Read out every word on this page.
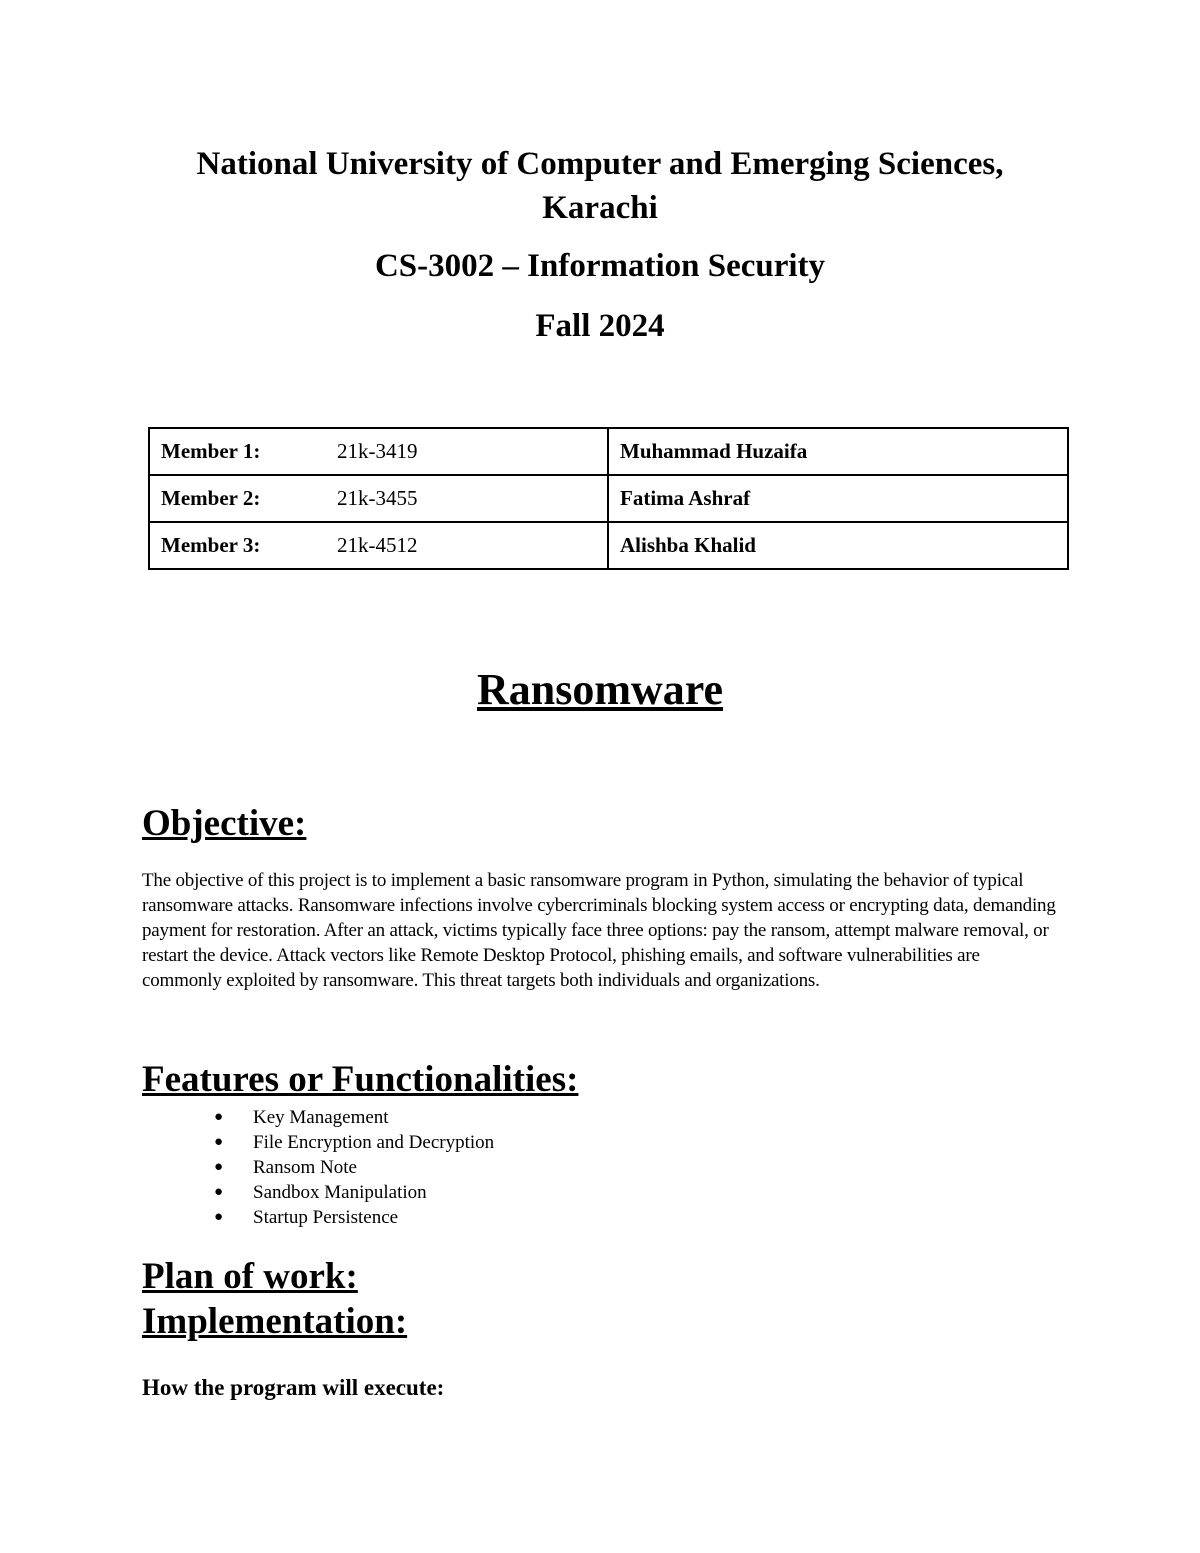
National University of Computer and Emerging Sciences,
Karachi
CS-3002 – Information Security
Fall 2024
Member 1:	21k-3419	Muhammad Huzaifa
Member 2:	21k-3455	Fatima Ashraf
Member 3:	21k-4512	Alishba Khalid
Ransomware
Objective:
The objective of this project is to implement a basic ransomware program in Python, simulating the behavior of typical ransomware attacks. Ransomware infections involve cybercriminals blocking system access or encrypting data, demanding payment for restoration. After an attack, victims typically face three options: pay the ransom, attempt malware removal, or restart the device. Attack vectors like Remote Desktop Protocol, phishing emails, and software vulnerabilities are commonly exploited by ransomware. This threat targets both individuals and organizations.
Features or Functionalities:
● Key Management
● File Encryption and Decryption
● Ransom Note
● Sandbox Manipulation
● Startup Persistence
Plan of work:
Implementation:
How the program will execute:
